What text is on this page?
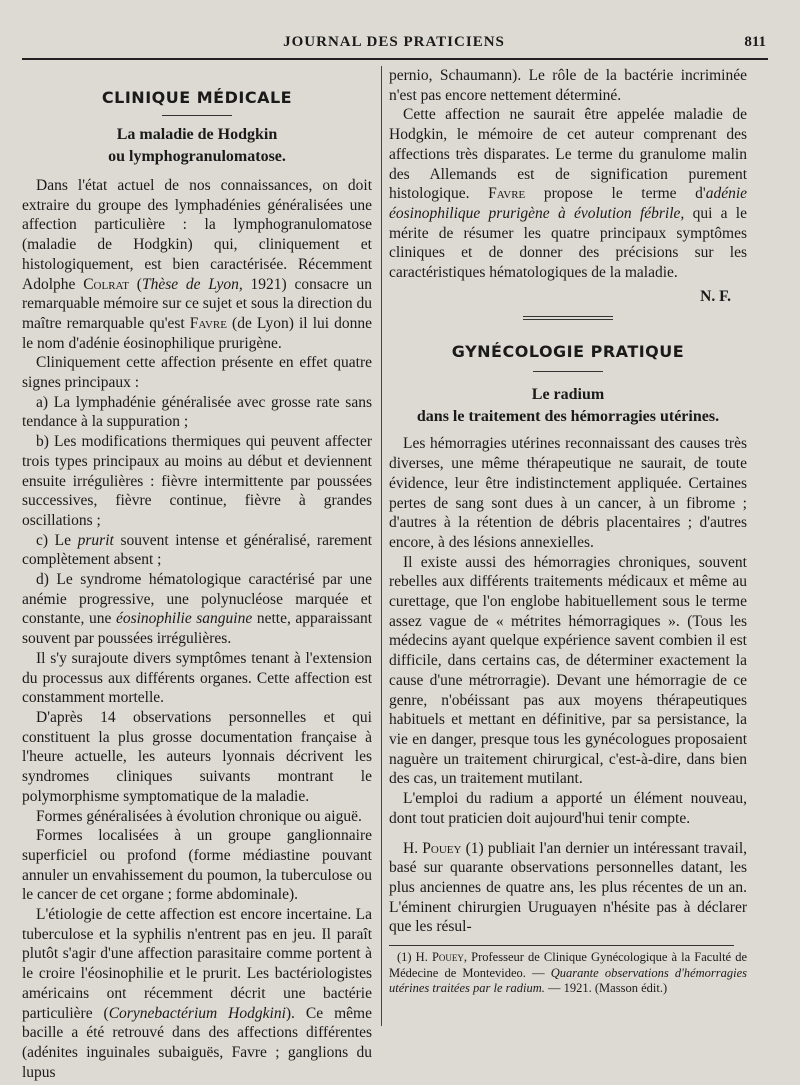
JOURNAL DES PRATICIENS	811
CLINIQUE MÉDICALE
La maladie de Hodgkin
ou lymphogranulomatose.

Dans l'état actuel de nos connaissances, on doit extraire du groupe des lymphadénies généralisées une affection particulière : la lymphogranulomatose (maladie de Hodgkin) qui, cliniquement et histologiquement, est bien caractérisée. Récemment Adolphe Colrat (Thèse de Lyon, 1921) consacre un remarquable mémoire sur ce sujet et sous la direction du maître remarquable qu'est Favre (de Lyon) il lui donne le nom d'adénie éosinophilique prurigène.

Cliniquement cette affection présente en effet quatre signes principaux :

a) La lymphadénie généralisée avec grosse rate sans tendance à la suppuration ;

b) Les modifications thermiques qui peuvent affecter trois types principaux au moins au début et deviennent ensuite irrégulières : fièvre intermittente par poussées successives, fièvre continue, fièvre à grandes oscillations ;

c) Le prurit souvent intense et généralisé, rarement complètement absent ;

d) Le syndrome hématologique caractérisé par une anémie progressive, une polynucléose marquée et constante, une éosinophilie sanguine nette, apparaissant souvent par poussées irrégulières.

Il s'y surajoute divers symptômes tenant à l'extension du processus aux différents organes. Cette affection est constamment mortelle.

D'après 14 observations personnelles et qui constituent la plus grosse documentation française à l'heure actuelle, les auteurs lyonnais décrivent les syndromes cliniques suivants montrant le polymorphisme symptomatique de la maladie.

Formes généralisées à évolution chronique ou aiguë.

Formes localisées à un groupe ganglionnaire superficiel ou profond (forme médiastine pouvant annuler un envahissement du poumon, la tuberculose ou le cancer de cet organe ; forme abdominale).

L'étiologie de cette affection est encore incertaine. La tuberculose et la syphilis n'entrent pas en jeu. Il paraît plutôt s'agir d'une affection parasitaire comme portent à le croire l'éosinophilie et le prurit. Les bactériologistes américains ont récemment décrit une bactérie particulière (Corynebactérium Hodgkini). Ce même bacille a été retrouvé dans des affections différentes (adénites inguinales subaiguës, Favre ; ganglions du lupus

pernio, Schaumann). Le rôle de la bactérie incriminée n'est pas encore nettement déterminé.

Cette affection ne saurait être appelée maladie de Hodgkin, le mémoire de cet auteur comprenant des affections très disparates. Le terme du granulome malin des Allemands est de signification purement histologique. Favre propose le terme d'adénie éosinophilique prurigène à évolution fébrile, qui a le mérite de résumer les quatre principaux symptômes cliniques et de donner des précisions sur les caractéristiques hématologiques de la maladie.

N. F.

GYNÉCOLOGIE PRATIQUE
Le radium
dans le traitement des hémorragies utérines.

Les hémorragies utérines reconnaissant des causes très diverses, une même thérapeutique ne saurait, de toute évidence, leur être indistinctement appliquée. Certaines pertes de sang sont dues à un cancer, à un fibrome ; d'autres à la rétention de débris placentaires ; d'autres encore, à des lésions annexielles.

Il existe aussi des hémorragies chroniques, souvent rebelles aux différents traitements médicaux et même au curettage, que l'on englobe habituellement sous le terme assez vague de « métrites hémorragiques ». (Tous les médecins ayant quelque expérience savent combien il est difficile, dans certains cas, de déterminer exactement la cause d'une métrorragie). Devant une hémorragie de ce genre, n'obéissant pas aux moyens thérapeutiques habituels et mettant en définitive, par sa persistance, la vie en danger, presque tous les gynécologues proposaient naguère un traitement chirurgical, c'est-à-dire, dans bien des cas, un traitement mutilant.

L'emploi du radium a apporté un élément nouveau, dont tout praticien doit aujourd'hui tenir compte.

H. Pouey (1) publiait l'an dernier un intéressant travail, basé sur quarante observations personnelles datant, les plus anciennes de quatre ans, les plus récentes de un an. L'éminent chirurgien Uruguayen n'hésite pas à déclarer que les résul-

(1) H. Pouey, Professeur de Clinique Gynécologique à la Faculté de Médecine de Montevideo. — Quarante observations d'hémorragies utérines traitées par le radium. — 1921. (Masson édit.)
